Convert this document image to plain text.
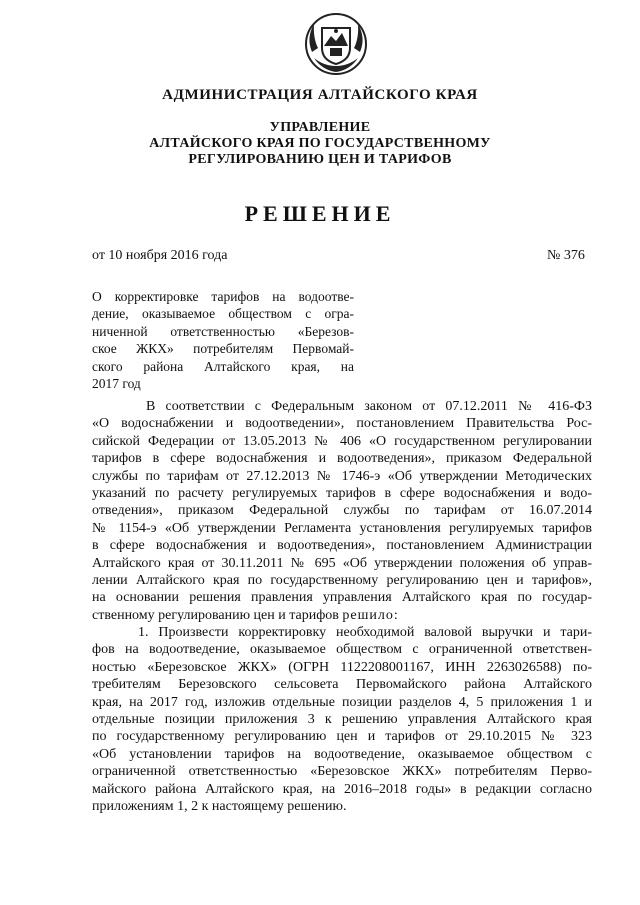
АДМИНИСТРАЦИЯ АЛТАЙСКОГО КРАЯ
УПРАВЛЕНИЕ
АЛТАЙСКОГО КРАЯ ПО ГОСУДАРСТВЕННОМУ
РЕГУЛИРОВАНИЮ ЦЕН И ТАРИФОВ
РЕШЕНИЕ
от 10 ноября 2016 года	№ 376
О корректировке тарифов на водоотве-
дение, оказываемое обществом с огра-
ниченной ответственностью «Березов-
ское ЖКХ» потребителям Первомай-
ского района Алтайского края, на
2017 год
В соответствии с Федеральным законом от 07.12.2011 № 416-ФЗ
«О водоснабжении и водоотведении», постановлением Правительства Рос-
сийской Федерации от 13.05.2013 № 406 «О государственном регулировании
тарифов в сфере водоснабжения и водоотведения», приказом Федеральной
службы по тарифам от 27.12.2013 № 1746-э «Об утверждении Методических
указаний по расчету регулируемых тарифов в сфере водоснабжения и водо-
отведения», приказом Федеральной службы по тарифам от 16.07.2014
№ 1154-э «Об утверждении Регламента установления регулируемых тарифов
в сфере водоснабжения и водоотведения», постановлением Администрации
Алтайского края от 30.11.2011 № 695 «Об утверждении положения об управ-
лении Алтайского края по государственному регулированию цен и тарифов»,
на основании решения правления управления Алтайского края по государ-
ственному регулированию цен и тарифов решило:
1. Произвести корректировку необходимой валовой выручки и тари-
фов на водоотведение, оказываемое обществом с ограниченной ответствен-
ностью «Березовское ЖКХ» (ОГРН 1122208001167, ИНН 2263026588) по-
требителям Березовского сельсовета Первомайского района Алтайского
края, на 2017 год, изложив отдельные позиции разделов 4, 5 приложения 1 и
отдельные позиции приложения 3 к решению управления Алтайского края
по государственному регулированию цен и тарифов от 29.10.2015 № 323
«Об установлении тарифов на водоотведение, оказываемое обществом с
ограниченной ответственностью «Березовское ЖКХ» потребителям Перво-
майского района Алтайского края, на 2016–2018 годы» в редакции согласно
приложениям 1, 2 к настоящему решению.
